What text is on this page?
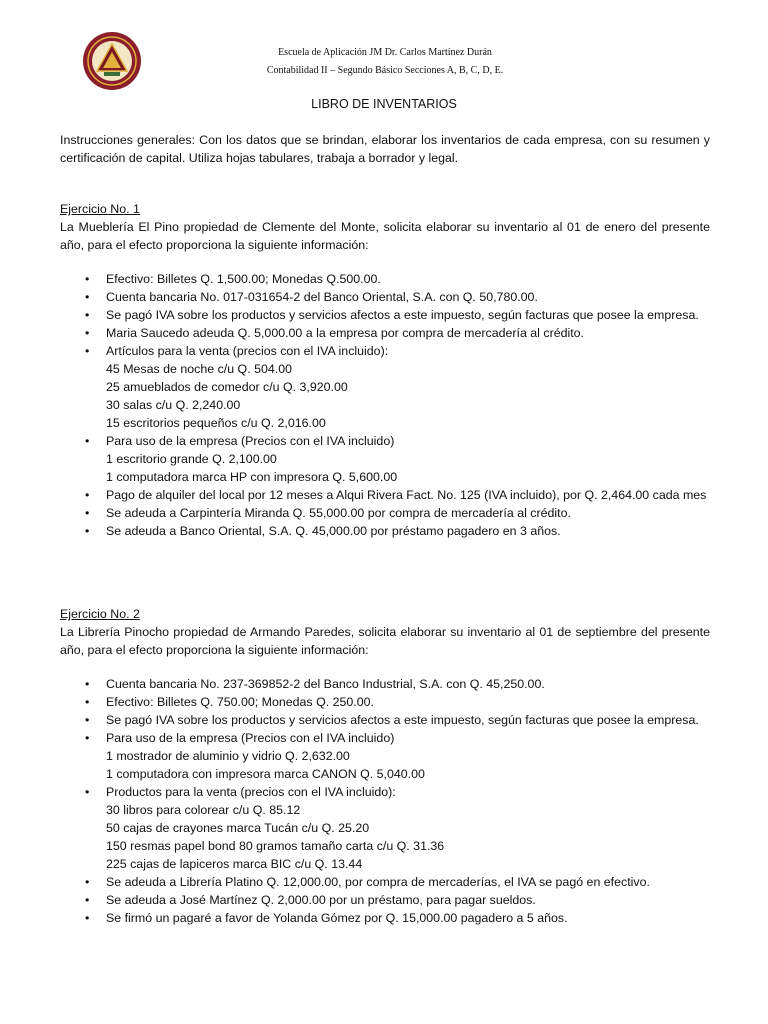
Escuela de Aplicación JM Dr. Carlos Martínez Durán
Contabilidad II – Segundo Básico Secciones A, B, C, D, E.
LIBRO DE INVENTARIOS

Instrucciones generales: Con los datos que se brindan, elaborar los inventarios de cada empresa, con su resumen y certificación de capital. Utiliza hojas tabulares, trabaja a borrador y legal.

Ejercicio No. 1

La Mueblería El Pino propiedad de Clemente del Monte, solicita elaborar su inventario al 01 de enero del presente año, para el efecto proporciona la siguiente información:

• Efectivo: Billetes Q. 1,500.00; Monedas Q.500.00.
• Cuenta bancaria No. 017-031654-2 del Banco Oriental, S.A. con Q. 50,780.00.
• Se pagó IVA sobre los productos y servicios afectos a este impuesto, según facturas que posee la empresa.
• Maria Saucedo adeuda Q. 5,000.00 a la empresa por compra de mercadería al crédito.
• Artículos para la venta (precios con el IVA incluido):
45 Mesas de noche c/u Q. 504.00
25 amueblados de comedor c/u Q. 3,920.00
30 salas c/u Q. 2,240.00
15 escritorios pequeños c/u Q. 2,016.00
• Para uso de la empresa (Precios con el IVA incluido)
1 escritorio grande Q. 2,100.00
1 computadora marca HP con impresora Q. 5,600.00
• Pago de alquiler del local por 12 meses a Alqui Rivera Fact. No. 125 (IVA incluido), por Q. 2,464.00 cada mes
• Se adeuda a Carpintería Miranda Q. 55,000.00 por compra de mercadería al crédito.
• Se adeuda a Banco Oriental, S.A. Q. 45,000.00 por préstamo pagadero en 3 años.
Ejercicio No. 2

La Librería Pinocho propiedad de Armando Paredes, solicita elaborar su inventario al 01 de septiembre del presente año, para el efecto proporciona la siguiente información:

• Cuenta bancaria No. 237-369852-2 del Banco Industrial, S.A. con Q. 45,250.00.
• Efectivo: Billetes Q. 750.00; Monedas Q. 250.00.
• Se pagó IVA sobre los productos y servicios afectos a este impuesto, según facturas que posee la empresa.
• Para uso de la empresa (Precios con el IVA incluido)
1 mostrador de aluminio y vidrio Q. 2,632.00
1 computadora con impresora marca CANON Q. 5,040.00
• Productos para la venta (precios con el IVA incluido):
30 libros para colorear c/u Q. 85.12
50 cajas de crayones marca Tucán c/u Q. 25.20
150 resmas papel bond 80 gramos tamaño carta c/u Q. 31.36
225 cajas de lapiceros marca BIC c/u Q. 13.44
• Se adeuda a Librería Platino Q. 12,000.00, por compra de mercaderías, el IVA se pagó en efectivo.
• Se adeuda a José Martínez Q. 2,000.00 por un préstamo, para pagar sueldos.
• Se firmó un pagaré a favor de Yolanda Gómez por Q. 15,000.00 pagadero a 5 años.
